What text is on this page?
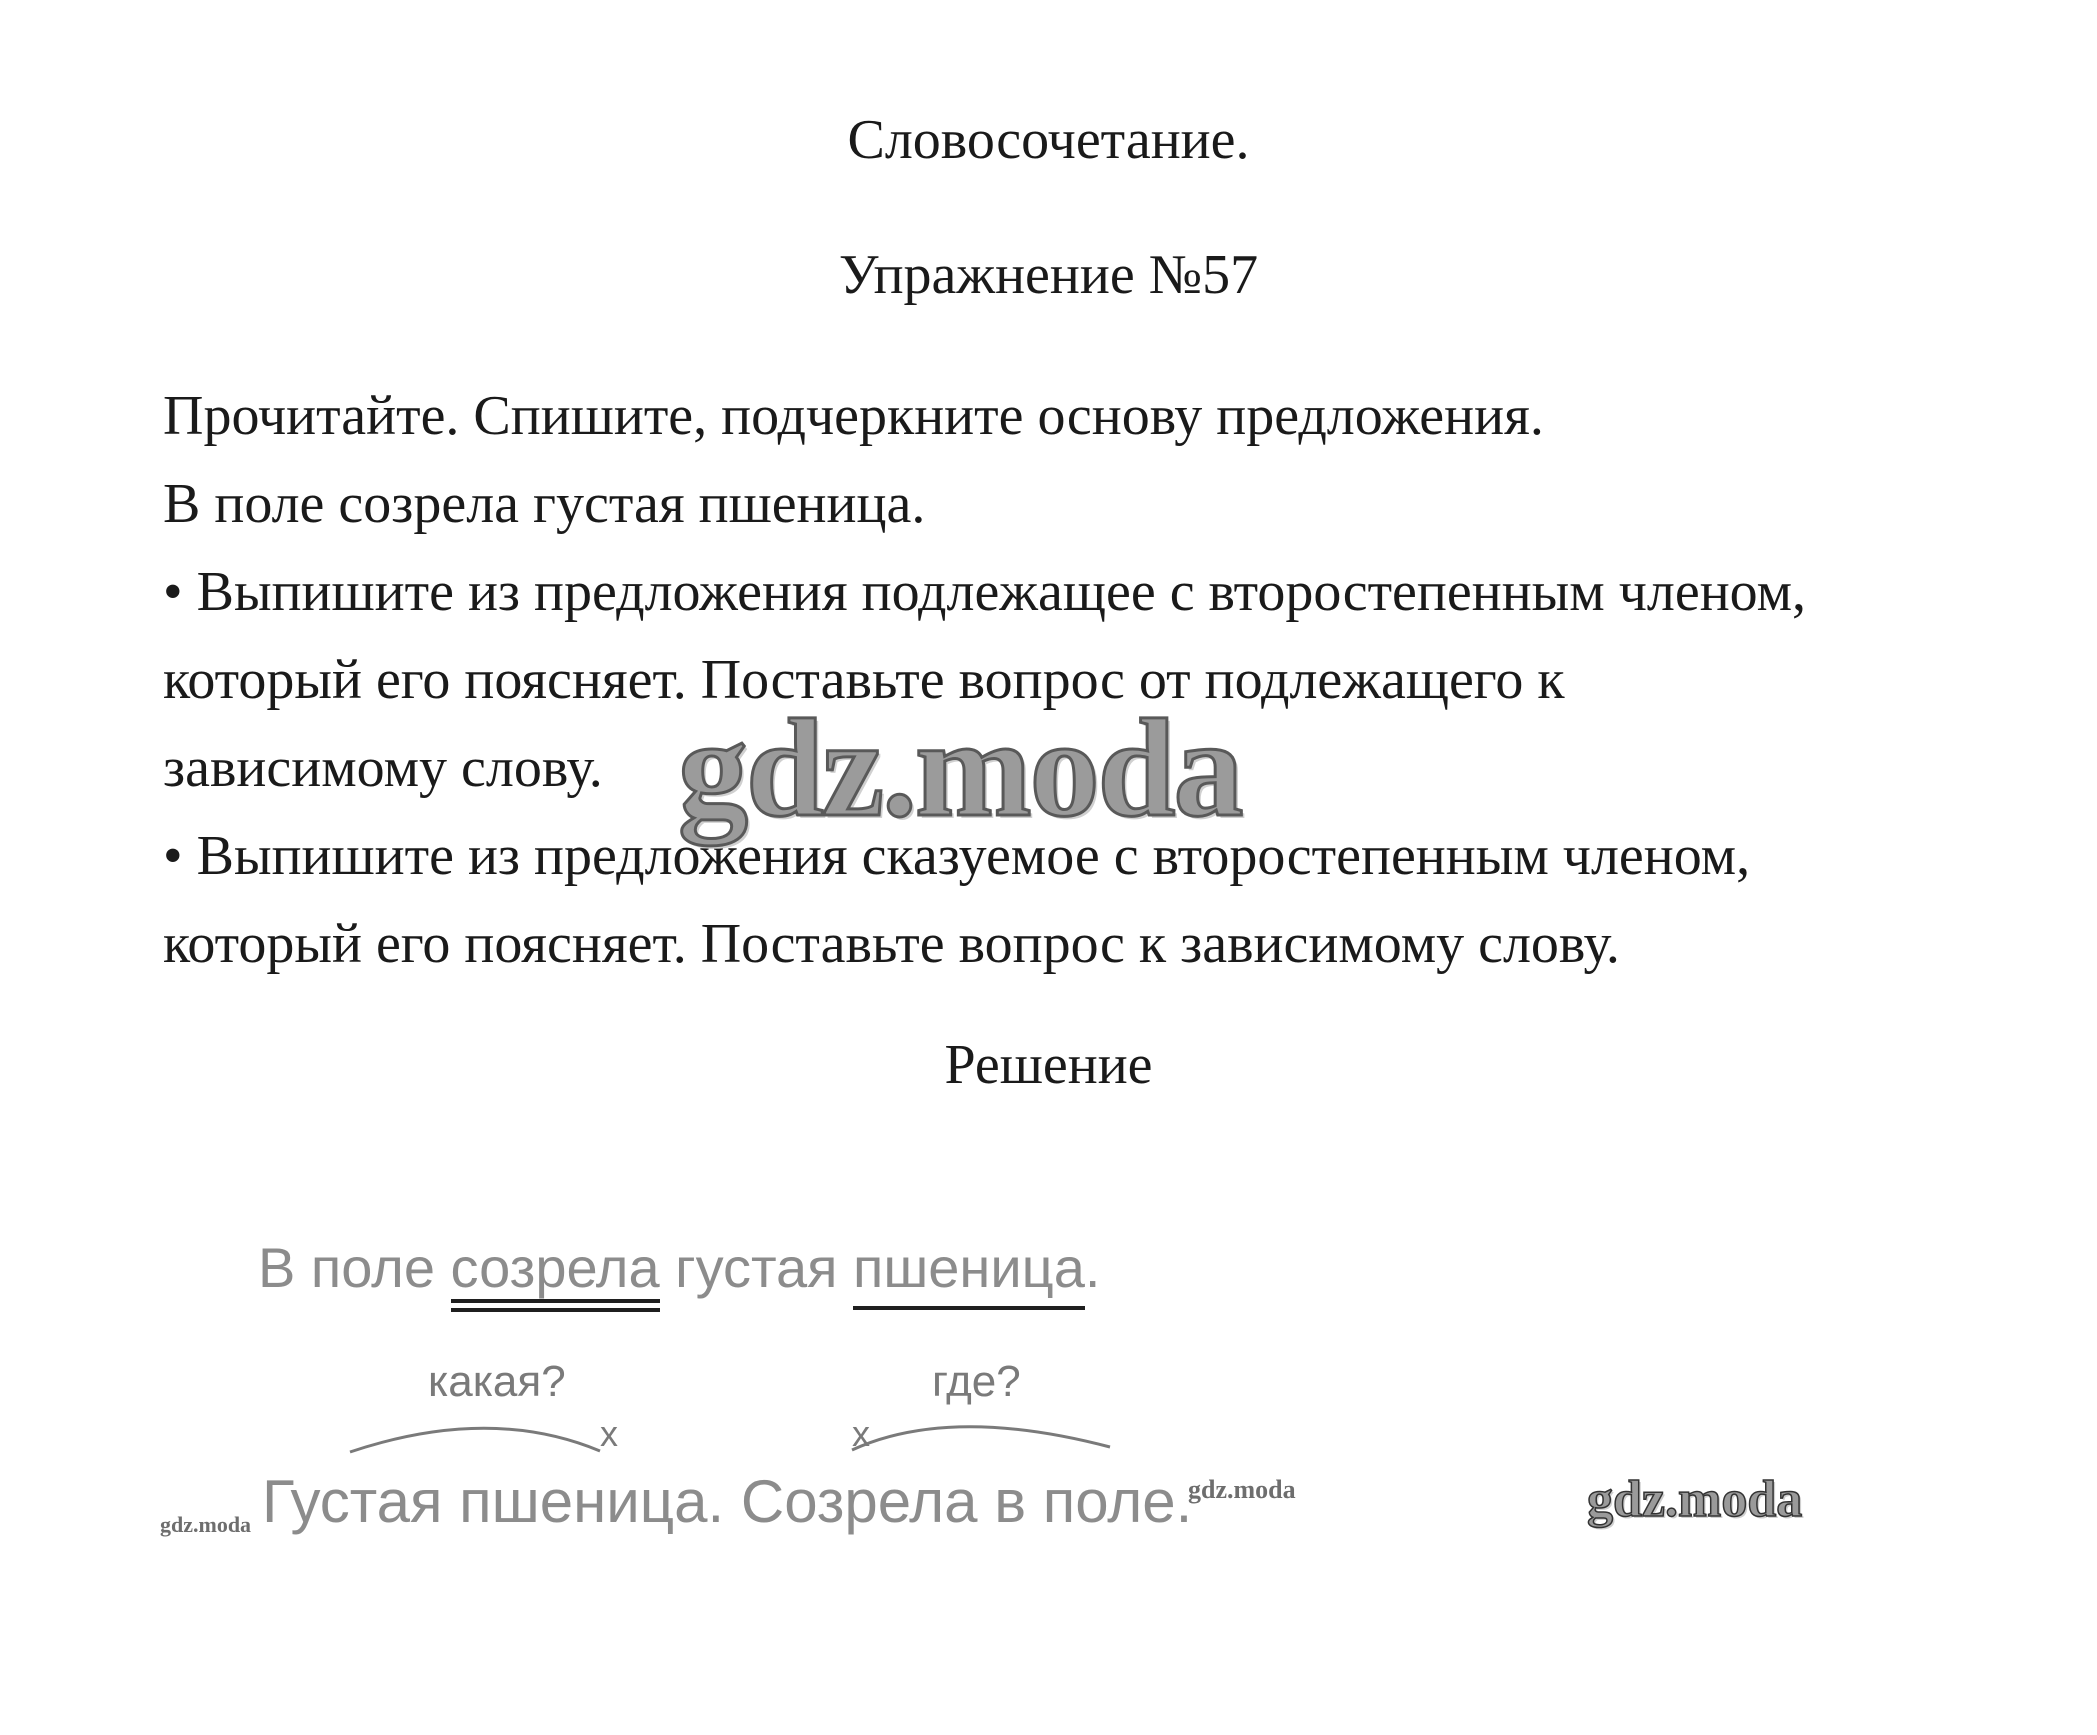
Словосочетание.
Упражнение №57

Прочитайте. Спишите, подчеркните основу предложения.

В поле созрела густая пшеница.

• Выпишите из предложения подлежащее с второстепенным членом,

который его поясняет. Поставьте вопрос от подлежащего к

зависимому слову.

• Выпишите из предложения сказуемое с второстепенным членом,

который его поясняет. Поставьте вопрос к зависимому слову.

gdz.moda
Решение
В поле созрела густая пшеница.
какая?	где?
x	x
Густая пшеница. Созрела в поле.
gdz.moda
gdz.moda	gdz.moda
